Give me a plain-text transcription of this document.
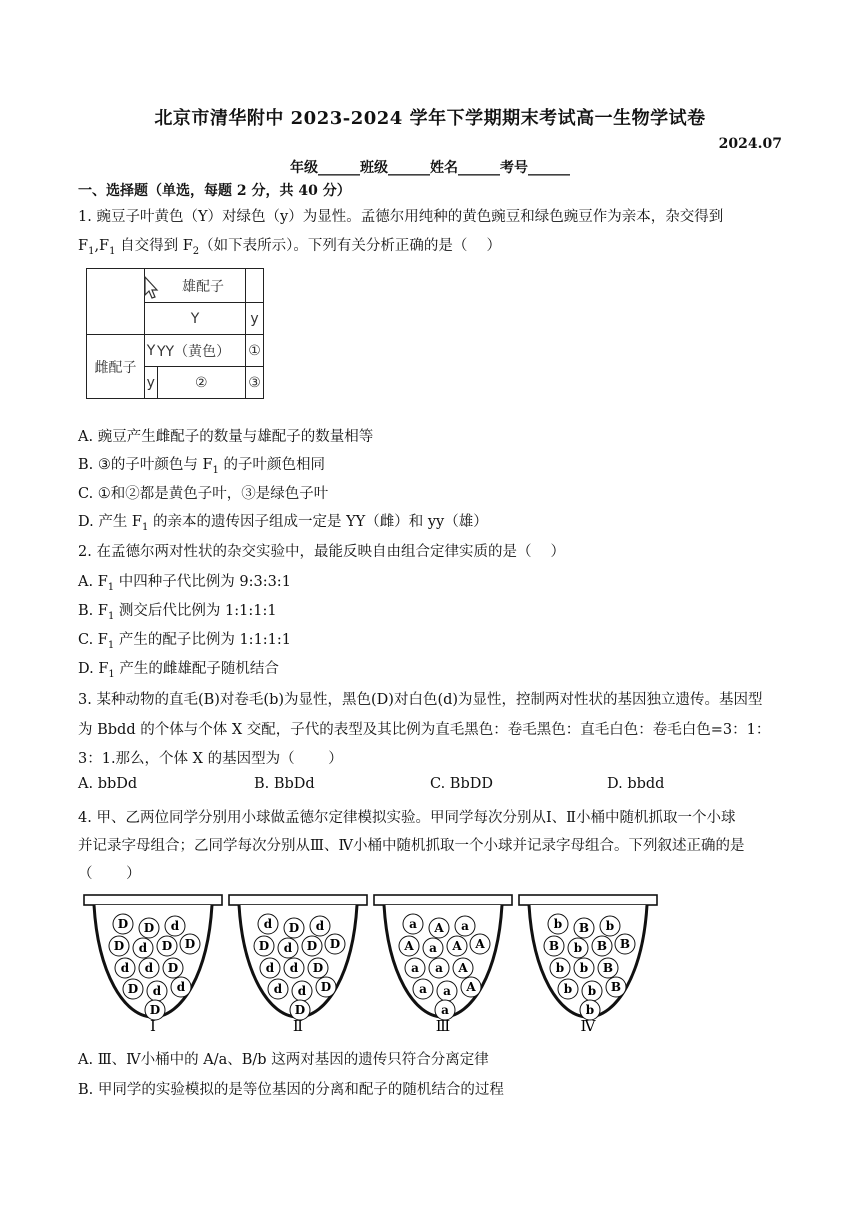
北京市清华附中 2023-2024 学年下学期期末考试高一生物学试卷
2024.07
年级______班级______姓名______考号______
一、选择题（单选，每题 2 分，共 40 分）
1. 豌豆子叶黄色（Y）对绿色（y）为显性。孟德尔用纯种的黄色豌豆和绿色豌豆作为亲本，杂交得到
$F_1,F_1$ 自交得到 $F_2$（如下表所示）。下列有关分析正确的是（　 ）

雄配子		
	Y		y
雌配子	Y	YY（黄色）	①
	y	②	③
A. 豌豆产生雌配子的数量与雄配子的数量相等
B. ③的子叶颜色与 $F_1$ 的子叶颜色相同
C. ①和②都是黄色子叶，③是绿色子叶
D. 产生 $F_1$ 的亲本的遗传因子组成一定是 YY（雌）和 yy（雄）
2. 在孟德尔两对性状的杂交实验中，最能反映自由组合定律实质的是（　 ）
A. $F_1$ 中四种子代比例为 9:3:3:1
B. $F_1$ 测交后代比例为 1:1:1:1
C. $F_1$ 产生的配子比例为 1:1:1:1
D. $F_1$ 产生的雌雄配子随机结合
3. 某种动物的直毛(B)对卷毛(b)为显性，黑色(D)对白色(d)为显性，控制两对性状的基因独立遗传。基因型
为 Bbdd 的个体与个体 X 交配，子代的表型及其比例为直毛黑色：卷毛黑色：直毛白色：卷毛白色=3：1：
3：1.那么，个体 X 的基因型为（　　 ）
A. bbDd	B. BbDd	C. BbDD	D. bbdd
4. 甲、乙两位同学分别用小球做孟德尔定律模拟实验。甲同学每次分别从Ⅰ、Ⅱ小桶中随机抓取一个小球
并记录字母组合；乙同学每次分别从Ⅲ、Ⅳ小桶中随机抓取一个小球并记录字母组合。下列叙述正确的是
（　　 ）
D D d
D d D D
d d D
D d d
D
Ⅰ
d D d
D d D D
d d D
d d D
D
Ⅱ
a A a
A a A A
a a A
a a A
a
Ⅲ
b B b
B b B B
b b B
b b B
b
Ⅳ
A. Ⅲ、Ⅳ小桶中的 A/a、B/b 这两对基因的遗传只符合分离定律
B. 甲同学的实验模拟的是等位基因的分离和配子的随机结合的过程
